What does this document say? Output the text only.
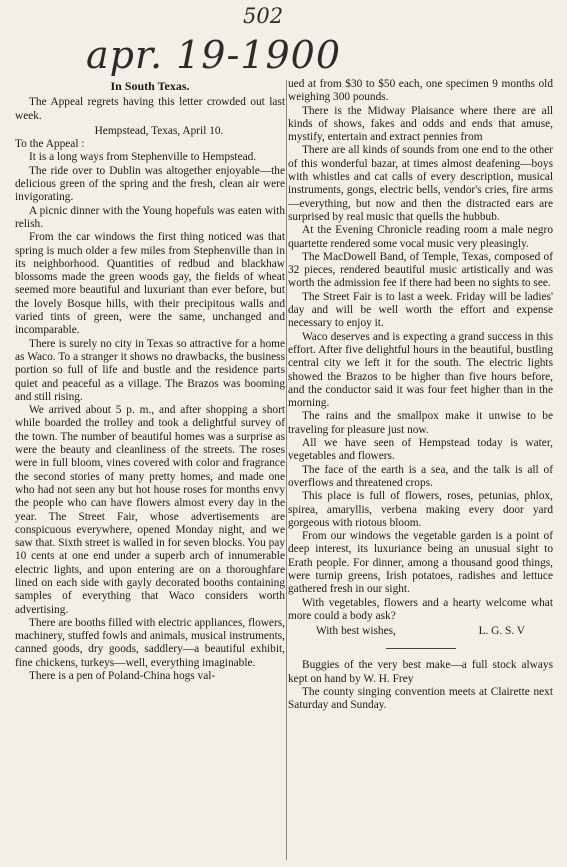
502
apr. 19-1900

In South Texas.

The Appeal regrets having this letter crowded out last week.

Hempstead, Texas, April 10.

To the Appeal :

It is a long ways from Stephenville to Hempstead.

The ride over to Dublin was altogether enjoyable—the delicious green of the spring and the fresh, clean air were invigorating.

A picnic dinner with the Young hopefuls was eaten with relish.

From the car windows the first thing noticed was that spring is much older a few miles from Stephenville than in its neighborhood. Quantities of redbud and blackhaw blossoms made the green woods gay, the fields of wheat seemed more beautiful and luxuriant than ever before, but the lovely Bosque hills, with their precipitous walls and varied tints of green, were the same, unchanged and incomparable.

There is surely no city in Texas so attractive for a home as Waco. To a stranger it shows no drawbacks, the business portion so full of life and bustle and the residence parts quiet and peaceful as a village. The Brazos was booming and still rising.

We arrived about 5 p. m., and after shopping a short while boarded the trolley and took a delightful survey of the town. The number of beautiful homes was a surprise as were the beauty and cleanliness of the streets. The roses were in full bloom, vines covered with color and fragrance the second stories of many pretty homes, and made one who had not seen any but hot house roses for months envy the people who can have flowers almost every day in the year. The Street Fair, whose advertisements are conspicuous everywhere, opened Monday night, and we saw that. Sixth street is walled in for seven blocks. You pay 10 cents at one end under a superb arch of innumerable electric lights, and upon entering are on a thoroughfare lined on each side with gayly decorated booths containing samples of everything that Waco considers worth advertising.

There are booths filled with electric appliances, flowers, machinery, stuffed fowls and animals, musical instruments, canned goods, dry goods, saddlery—a beautiful exhibit, fine chickens, turkeys—well, everything imaginable.

There is a pen of Poland-China hogs val-

ued at from $30 to $50 each, one specimen 9 months old weighing 300 pounds.

There is the Midway Plaisance where there are all kinds of shows, fakes and odds and ends that amuse, mystify, entertain and extract pennies from

There are all kinds of sounds from one end to the other of this wonderful bazar, at times almost deafening—boys with whistles and cat calls of every description, musical instruments, gongs, electric bells, vendor's cries, fire arms—everything, but now and then the distracted ears are surprised by real music that quells the hubbub.

At the Evening Chronicle reading room a male negro quartette rendered some vocal music very pleasingly.

The MacDowell Band, of Temple, Texas, composed of 32 pieces, rendered beautiful music artistically and was worth the admission fee if there had been no sights to see.

The Street Fair is to last a week. Friday will be ladies' day and will be well worth the effort and expense necessary to enjoy it.

Waco deserves and is expecting a grand success in this effort. After five delightful hours in the beautiful, bustling central city we left it for the south. The electric lights showed the Brazos to be higher than five hours before, and the conductor said it was four feet higher than in the morning.

The rains and the smallpox make it unwise to be traveling for pleasure just now.

All we have seen of Hempstead today is water, vegetables and flowers.

The face of the earth is a sea, and the talk is all of overflows and threatened crops.

This place is full of flowers, roses, petunias, phlox, spirea, amaryllis, verbena making every door yard gorgeous with riotous bloom.

From our windows the vegetable garden is a point of deep interest, its luxuriance being an unusual sight to Erath people. For dinner, among a thousand good things, were turnip greens, Irish potatoes, radishes and lettuce gathered fresh in our sight.

With vegetables, flowers and a hearty welcome what more could a body ask?

With best wishes,	L. G. S. V

Buggies of the very best make—a full stock always kept on hand by W. H. Frey

The county singing convention meets at Clairette next Saturday and Sunday.
